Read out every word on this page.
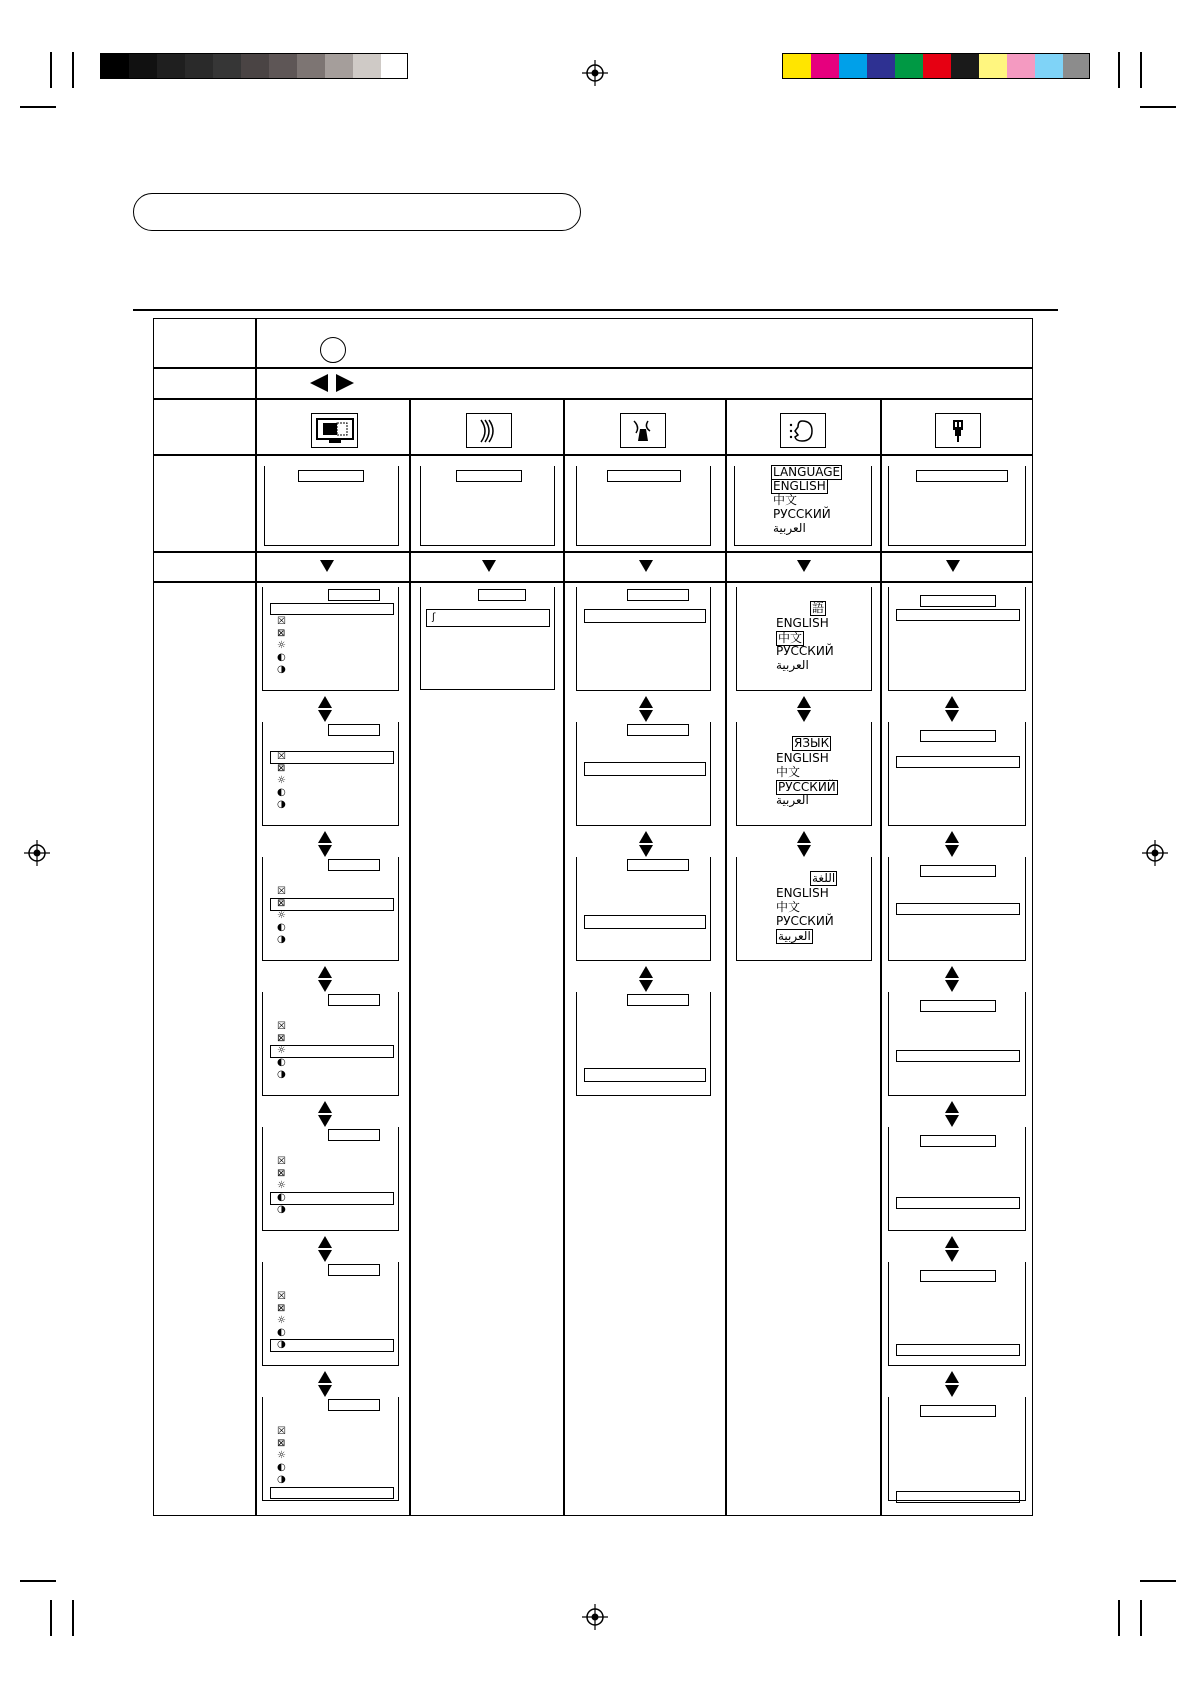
LANGUAGE
ENGLISH
中文
РУССКИЙ
العربية
ʃ
☒
⊠
☼
◐
◑
☒
⊠
☼
◐
◑
☒
⊠
☼
◐
◑
☒
⊠
☼
◐
◑
☒
⊠
☼
◐
◑
☒
⊠
☼
◐
◑
☒
⊠
☼
◐
◑
語
ENGLISH
中文
РУССКИЙ
العربية
ЯЗЫК
ENGLISH
中文
РУССКИЙ
العربية
اللغة
ENGLISH
中文
РУССКИЙ
العربية
